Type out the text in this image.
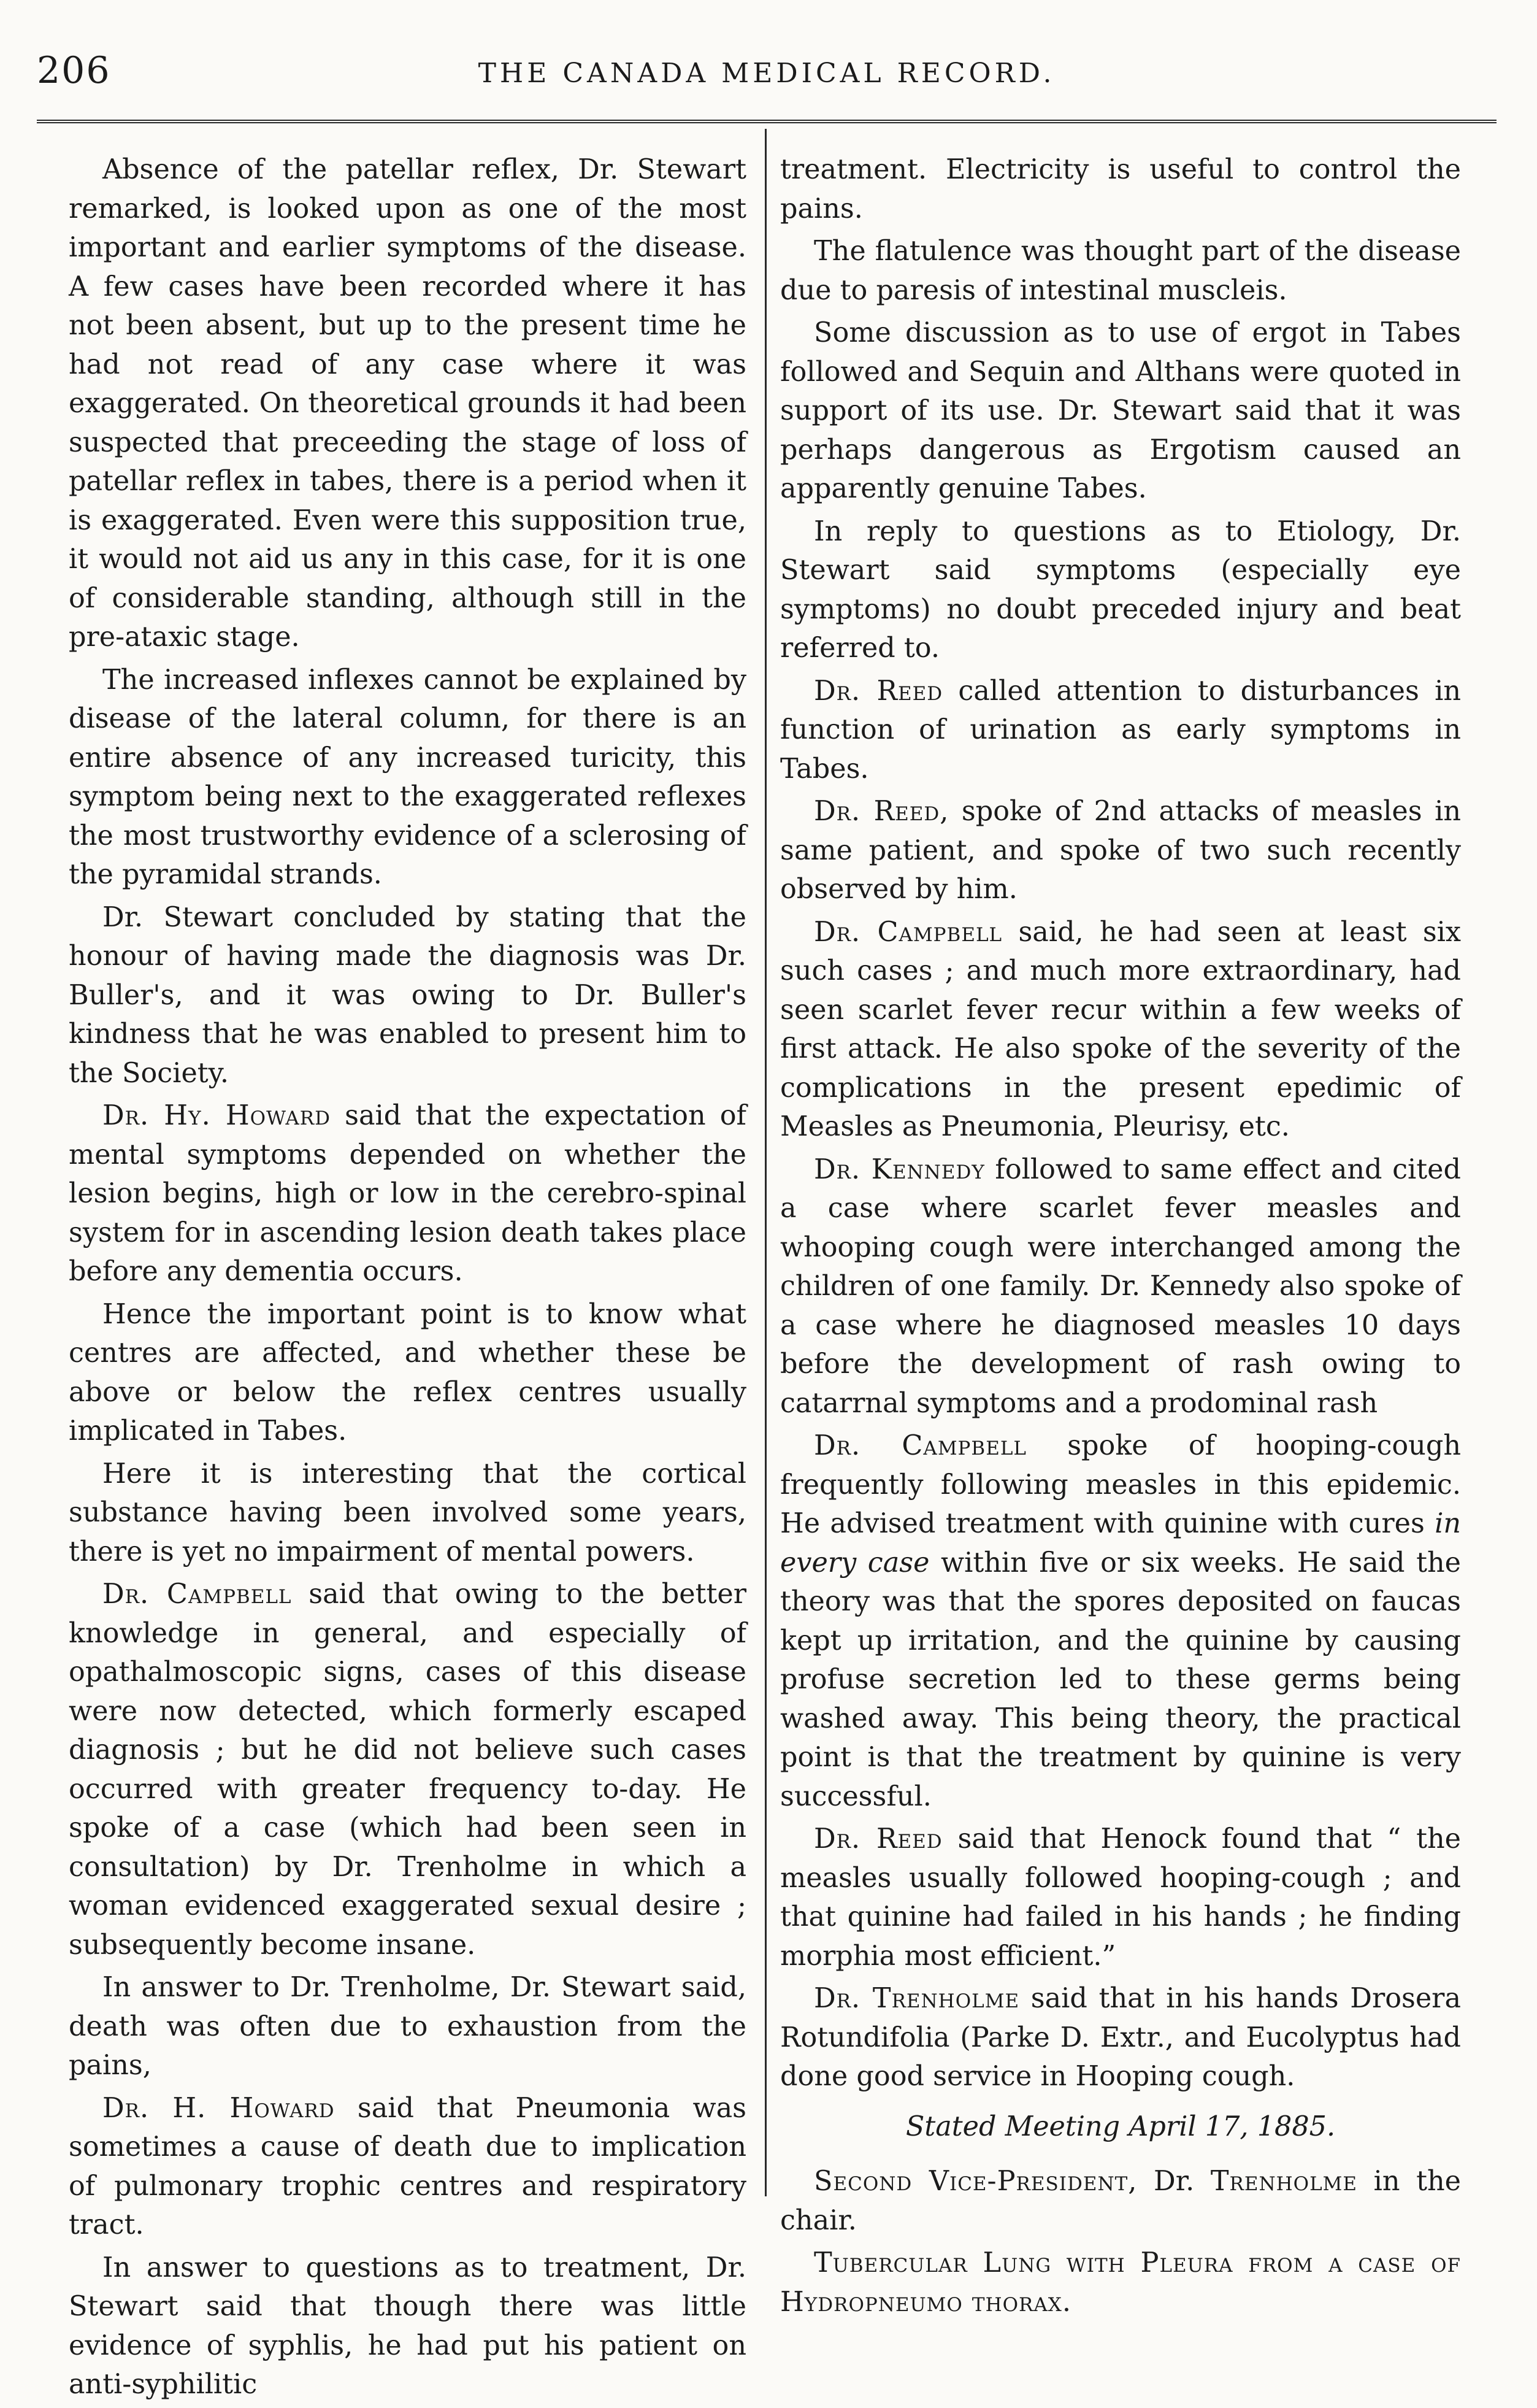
206	THE CANADA MEDICAL RECORD.

Absence of the patellar reflex, Dr. Stewart remarked, is looked upon as one of the most important and earlier symptoms of the disease. A few cases have been recorded where it has not been absent, but up to the present time he had not read of any case where it was exaggerated. On theoretical grounds it had been suspected that preceeding the stage of loss of patellar reflex in tabes, there is a period when it is exaggerated. Even were this supposition true, it would not aid us any in this case, for it is one of considerable standing, although still in the pre-ataxic stage.

The increased inflexes cannot be explained by disease of the lateral column, for there is an entire absence of any increased turicity, this symptom being next to the exaggerated reflexes the most trustworthy evidence of a sclerosing of the pyramidal strands.

Dr. Stewart concluded by stating that the honour of having made the diagnosis was Dr. Buller's, and it was owing to Dr. Buller's kindness that he was enabled to present him to the Society.

Dr. Hy. Howard said that the expectation of mental symptoms depended on whether the lesion begins, high or low in the cerebro-spinal system for in ascending lesion death takes place before any dementia occurs.

Hence the important point is to know what centres are affected, and whether these be above or below the reflex centres usually implicated in Tabes.

Here it is interesting that the cortical substance having been involved some years, there is yet no impairment of mental powers.

Dr. Campbell said that owing to the better knowledge in general, and especially of opathalmoscopic signs, cases of this disease were now detected, which formerly escaped diagnosis ; but he did not believe such cases occurred with greater frequency to-day. He spoke of a case (which had been seen in consultation) by Dr. Trenholme in which a woman evidenced exaggerated sexual desire ; subsequently become insane.

In answer to Dr. Trenholme, Dr. Stewart said, death was often due to exhaustion from the pains,

Dr. H. Howard said that Pneumonia was sometimes a cause of death due to implication of pulmonary trophic centres and respiratory tract.

In answer to questions as to treatment, Dr. Stewart said that though there was little evidence of syphlis, he had put his patient on anti-syphilitic

treatment. Electricity is useful to control the pains.

The flatulence was thought part of the disease due to paresis of intestinal muscleis.

Some discussion as to use of ergot in Tabes followed and Sequin and Althans were quoted in support of its use. Dr. Stewart said that it was perhaps dangerous as Ergotism caused an apparently genuine Tabes.

In reply to questions as to Etiology, Dr. Stewart said symptoms (especially eye symptoms) no doubt preceded injury and beat referred to.

Dr. Reed called attention to disturbances in function of urination as early symptoms in Tabes.

Dr. Reed, spoke of 2nd attacks of measles in same patient, and spoke of two such recently observed by him.

Dr. Campbell said, he had seen at least six such cases ; and much more extraordinary, had seen scarlet fever recur within a few weeks of first attack. He also spoke of the severity of the complications in the present epedimic of Measles as Pneumonia, Pleurisy, etc.

Dr. Kennedy followed to same effect and cited a case where scarlet fever measles and whooping cough were interchanged among the children of one family. Dr. Kennedy also spoke of a case where he diagnosed measles 10 days before the development of rash owing to catarrnal symptoms and a prodominal rash

Dr. Campbell spoke of hooping-cough frequently following measles in this epidemic. He advised treatment with quinine with cures in every case within five or six weeks. He said the theory was that the spores deposited on faucas kept up irritation, and the quinine by causing profuse secretion led to these germs being washed away. This being theory, the practical point is that the treatment by quinine is very successful.

Dr. Reed said that Henock found that “ the measles usually followed hooping-cough ; and that quinine had failed in his hands ; he finding morphia most efficient.”

Dr. Trenholme said that in his hands Drosera Rotundifolia (Parke D. Extr., and Eucolyptus had done good service in Hooping cough.

Stated Meeting April 17, 1885.

Second Vice-President, Dr. Trenholme in the chair.

Tubercular Lung with Pleura from a case of Hydropneumo thorax.
